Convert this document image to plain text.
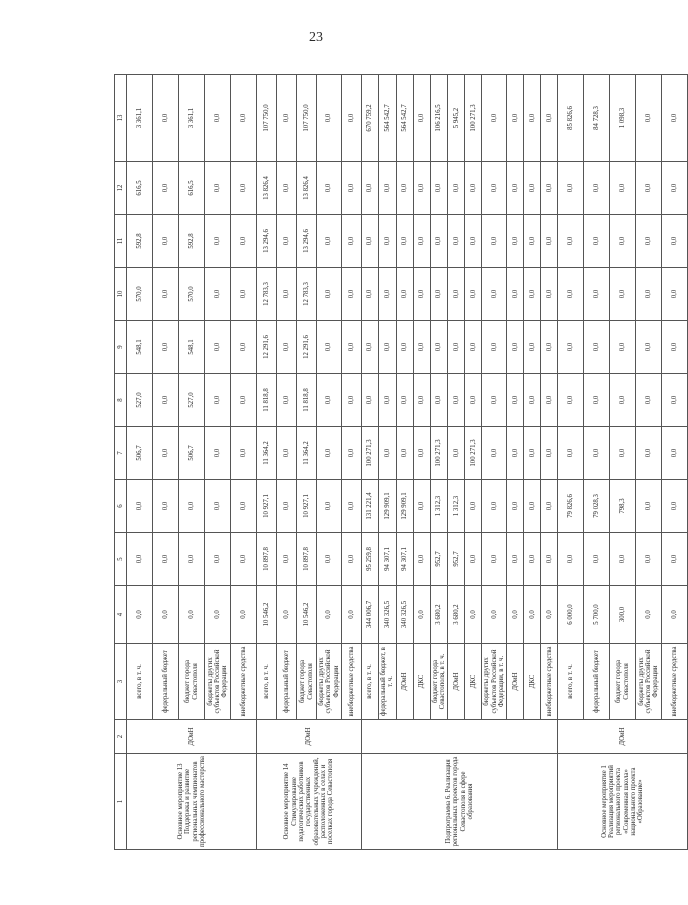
23
1	2	3	4	5	6	7	8	9	10	11	12	13
Основное мероприятие 13 Поддержка и развитие региональных чемпионатов профессионального мастерства	ДОиН	всего, в т. ч.	0,0	0,0	0,0	506,7	527,0	548,1	570,0	592,8	616,5	3 361,1
		федеральный бюджет	0,0	0,0	0,0	0,0	0,0	0,0	0,0	0,0	0,0	0,0
		бюджет города Севастополя	0,0	0,0	0,0	506,7	527,0	548,1	570,0	592,8	616,5	3 361,1
		бюджеты других субъектов Российской Федерации	0,0	0,0	0,0	0,0	0,0	0,0	0,0	0,0	0,0	0,0
		внебюджетные средства	0,0	0,0	0,0	0,0	0,0	0,0	0,0	0,0	0,0	0,0
Основное мероприятие 14 Стимулирование педагогических работников государственных образовательных учреждений, расположенных в селах и поселках города Севастополя	ДОиН	всего, в т. ч.	10 546,2	10 897,8	10 927,1	11 364,2	11 818,8	12 291,6	12 783,3	13 294,6	13 826,4	107 750,0
		федеральный бюджет	0,0	0,0	0,0	0,0	0,0	0,0	0,0	0,0	0,0	0,0
		бюджет города Севастополя	10 546,2	10 897,8	10 927,1	11 364,2	11 818,8	12 291,6	12 783,3	13 294,6	13 826,4	107 750,0
		бюджеты других субъектов Российской Федерации	0,0	0,0	0,0	0,0	0,0	0,0	0,0	0,0	0,0	0,0
		внебюджетные средства	0,0	0,0	0,0	0,0	0,0	0,0	0,0	0,0	0,0	0,0
Подпрограмма 6. Реализация региональных проектов города Севастополя в сфере образования		всего, в т. ч.	344 006,7	95 259,8	131 221,4	100 271,3	0,0	0,0	0,0	0,0	0,0	670 759,2
		федеральный бюджет, в т. ч.	340 326,5	94 307,1	129 909,1	0,0	0,0	0,0	0,0	0,0	0,0	564 542,7
		ДОиН	340 326,5	94 307,1	129 909,1	0,0	0,0	0,0	0,0	0,0	0,0	564 542,7
		ДКС	0,0	0,0	0,0	0,0	0,0	0,0	0,0	0,0	0,0	0,0
		бюджет города Севастополя, в т. ч.	3 680,2	952,7	1 312,3	100 271,3	0,0	0,0	0,0	0,0	0,0	106 216,5
		ДОиН	3 680,2	952,7	1 312,3	0,0	0,0	0,0	0,0	0,0	0,0	5 945,2
		ДКС	0,0	0,0	0,0	100 271,3	0,0	0,0	0,0	0,0	0,0	100 271,3
		бюджеты других субъектов Российской Федерации, в т. ч.	0,0	0,0	0,0	0,0	0,0	0,0	0,0	0,0	0,0	0,0
		ДОиН	0,0	0,0	0,0	0,0	0,0	0,0	0,0	0,0	0,0	0,0
		ДКС	0,0	0,0	0,0	0,0	0,0	0,0	0,0	0,0	0,0	0,0
		внебюджетные средства	0,0	0,0	0,0	0,0	0,0	0,0	0,0	0,0	0,0	0,0
Основное мероприятие 1 Реализация мероприятий регионального проекта «Современная школа» национального проекта «Образование»	ДОиН	всего, в т. ч.	6 000,0	0,0	79 826,6	0,0	0,0	0,0	0,0	0,0	0,0	85 826,6
		федеральный бюджет	5 700,0	0,0	79 028,3	0,0	0,0	0,0	0,0	0,0	0,0	84 728,3
		бюджет города Севастополя	300,0	0,0	798,3	0,0	0,0	0,0	0,0	0,0	0,0	1 098,3
		бюджеты других субъектов Российской Федерации	0,0	0,0	0,0	0,0	0,0	0,0	0,0	0,0	0,0	0,0
		внебюджетные средства	0,0	0,0	0,0	0,0	0,0	0,0	0,0	0,0	0,0	0,0
